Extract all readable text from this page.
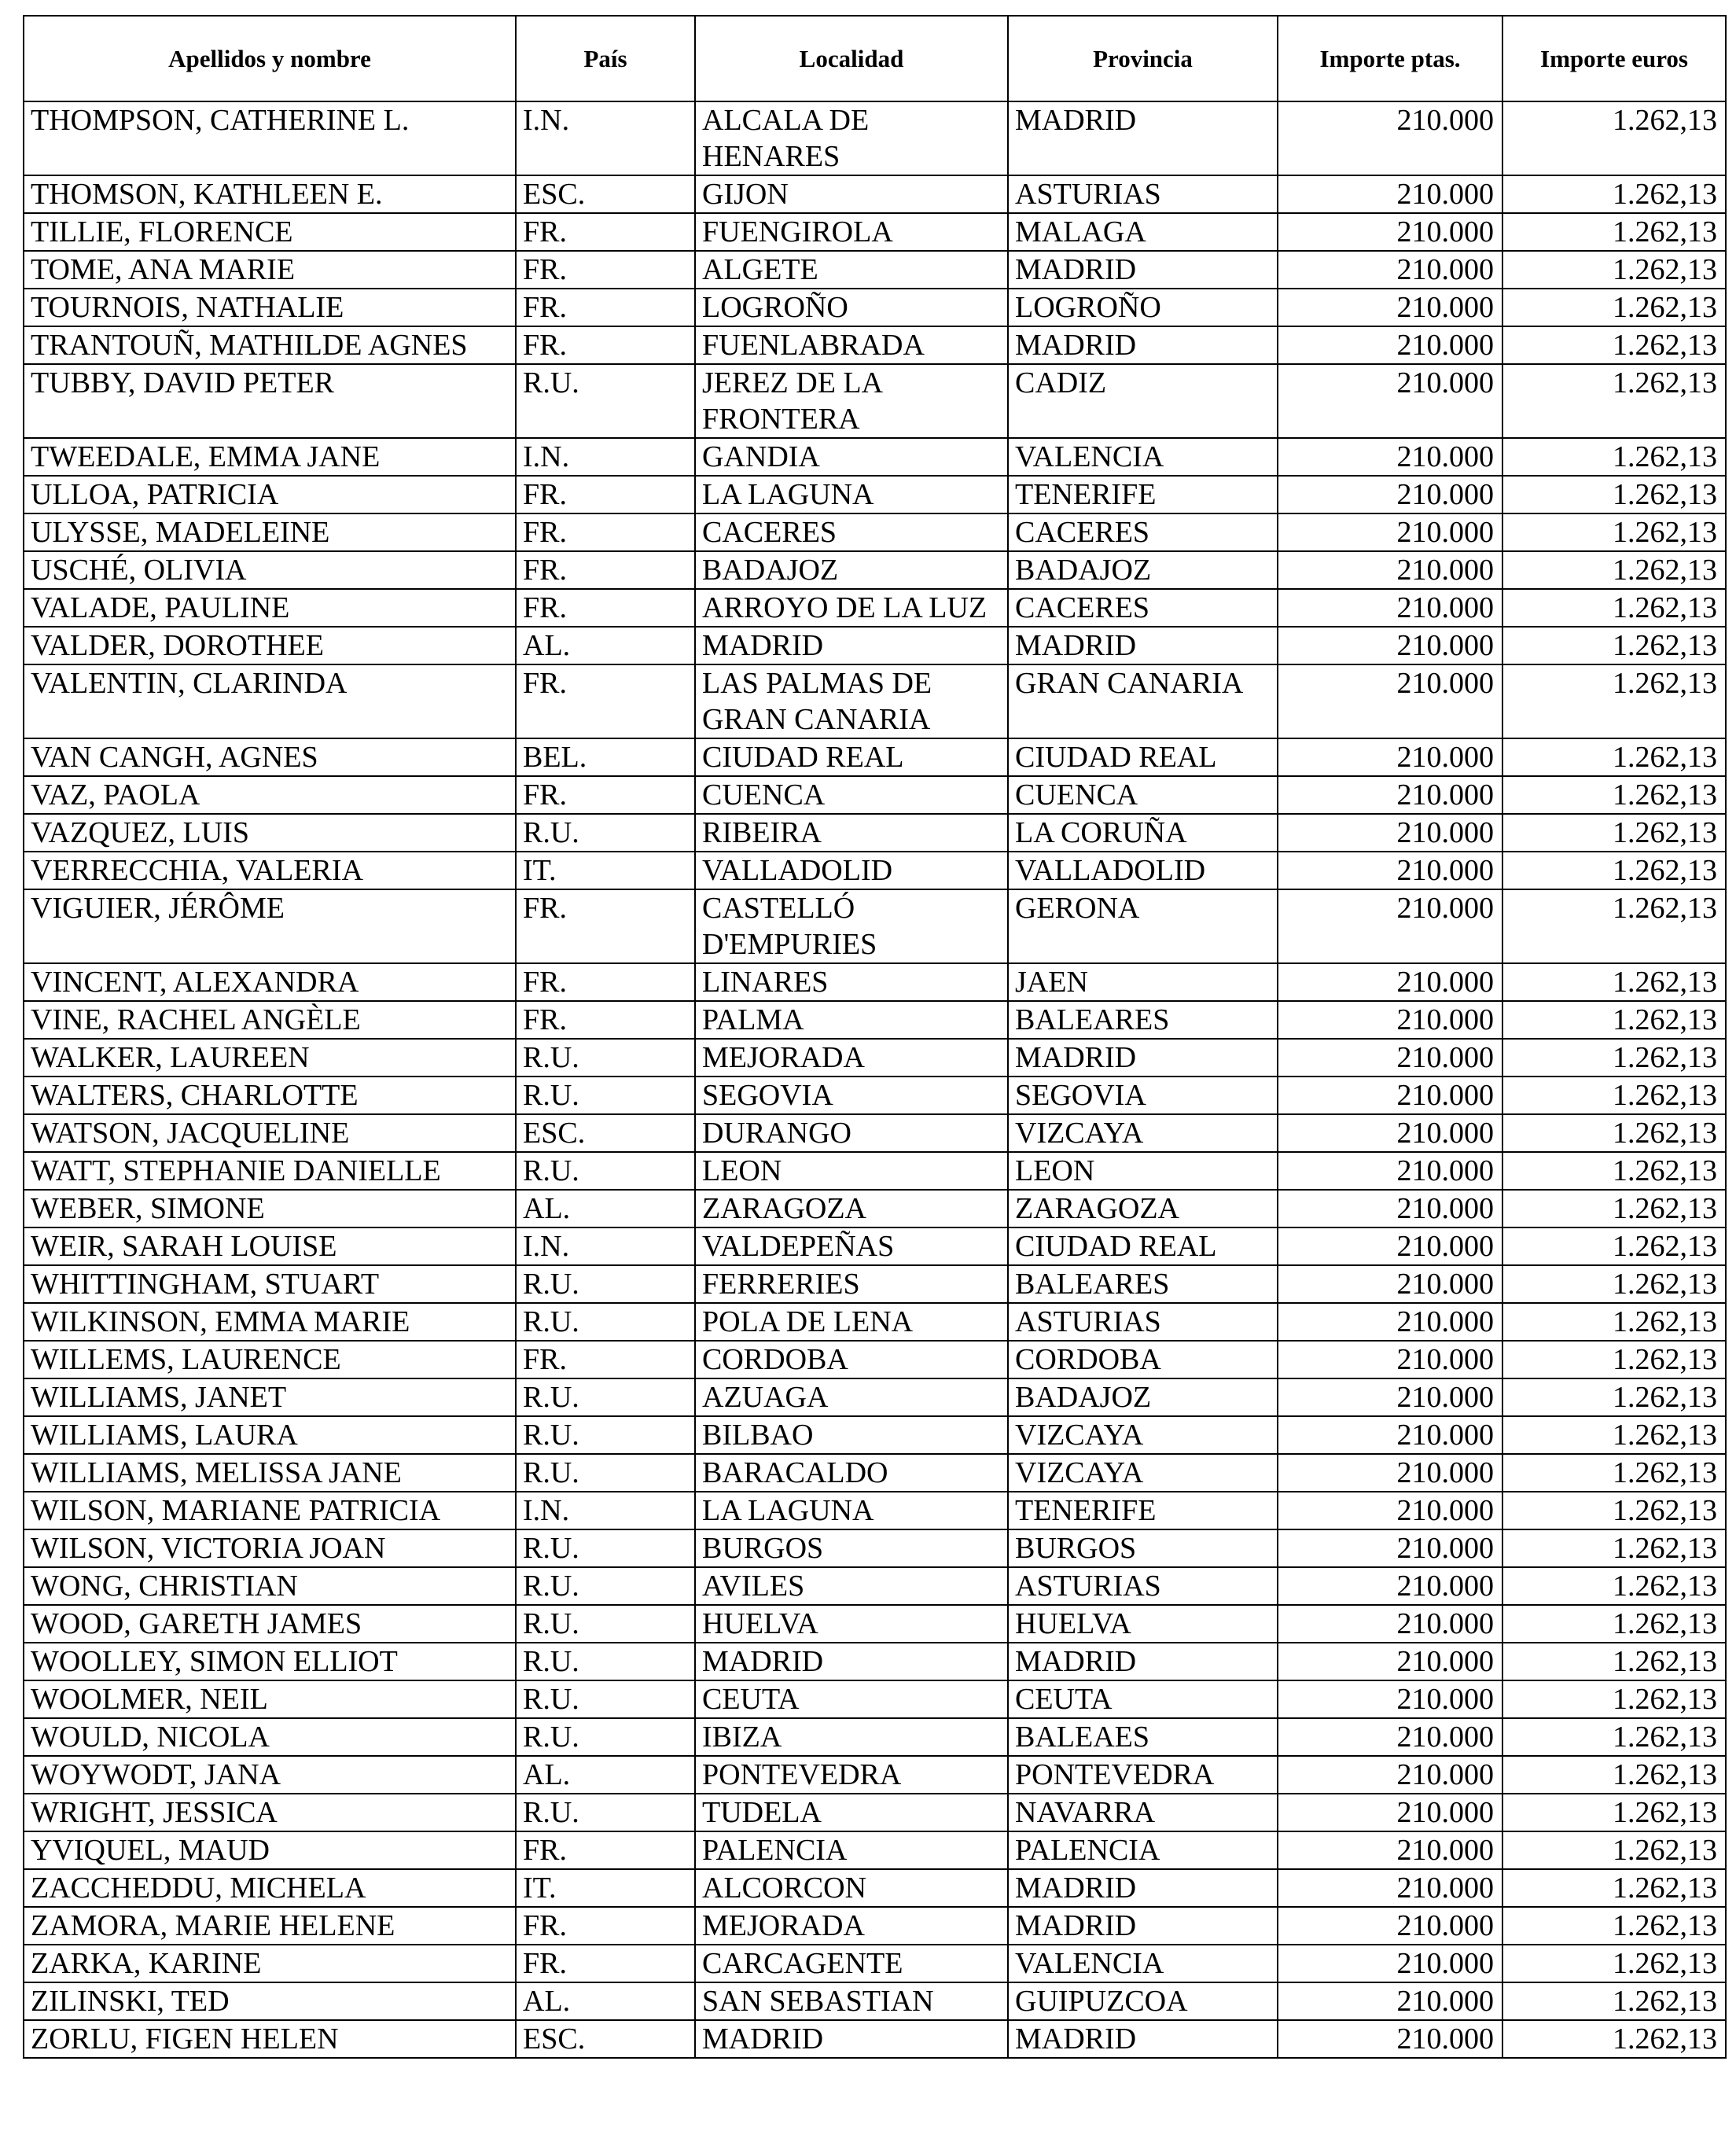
Apellidos y nombre	País	Localidad	Provincia	Importe ptas.	Importe euros
THOMPSON, CATHERINE L.	I.N.	ALCALA DE HENARES	MADRID	210.000	1.262,13
THOMSON, KATHLEEN E.	ESC.	GIJON	ASTURIAS	210.000	1.262,13
TILLIE, FLORENCE	FR.	FUENGIROLA	MALAGA	210.000	1.262,13
TOME, ANA MARIE	FR.	ALGETE	MADRID	210.000	1.262,13
TOURNOIS, NATHALIE	FR.	LOGROÑO	LOGROÑO	210.000	1.262,13
TRANTOUÑ, MATHILDE AGNES	FR.	FUENLABRADA	MADRID	210.000	1.262,13
TUBBY, DAVID PETER	R.U.	JEREZ DE LA FRONTERA	CADIZ	210.000	1.262,13
TWEEDALE, EMMA JANE	I.N.	GANDIA	VALENCIA	210.000	1.262,13
ULLOA, PATRICIA	FR.	LA LAGUNA	TENERIFE	210.000	1.262,13
ULYSSE, MADELEINE	FR.	CACERES	CACERES	210.000	1.262,13
USCHÉ, OLIVIA	FR.	BADAJOZ	BADAJOZ	210.000	1.262,13
VALADE, PAULINE	FR.	ARROYO DE LA LUZ	CACERES	210.000	1.262,13
VALDER, DOROTHEE	AL.	MADRID	MADRID	210.000	1.262,13
VALENTIN, CLARINDA	FR.	LAS PALMAS DE GRAN CANARIA	GRAN CANARIA	210.000	1.262,13
VAN CANGH, AGNES	BEL.	CIUDAD REAL	CIUDAD REAL	210.000	1.262,13
VAZ, PAOLA	FR.	CUENCA	CUENCA	210.000	1.262,13
VAZQUEZ, LUIS	R.U.	RIBEIRA	LA CORUÑA	210.000	1.262,13
VERRECCHIA, VALERIA	IT.	VALLADOLID	VALLADOLID	210.000	1.262,13
VIGUIER, JÉRÔME	FR.	CASTELLÓ D'EMPURIES	GERONA	210.000	1.262,13
VINCENT, ALEXANDRA	FR.	LINARES	JAEN	210.000	1.262,13
VINE, RACHEL ANGÈLE	FR.	PALMA	BALEARES	210.000	1.262,13
WALKER, LAUREEN	R.U.	MEJORADA	MADRID	210.000	1.262,13
WALTERS, CHARLOTTE	R.U.	SEGOVIA	SEGOVIA	210.000	1.262,13
WATSON, JACQUELINE	ESC.	DURANGO	VIZCAYA	210.000	1.262,13
WATT, STEPHANIE DANIELLE	R.U.	LEON	LEON	210.000	1.262,13
WEBER, SIMONE	AL.	ZARAGOZA	ZARAGOZA	210.000	1.262,13
WEIR, SARAH LOUISE	I.N.	VALDEPEÑAS	CIUDAD REAL	210.000	1.262,13
WHITTINGHAM, STUART	R.U.	FERRERIES	BALEARES	210.000	1.262,13
WILKINSON, EMMA MARIE	R.U.	POLA DE LENA	ASTURIAS	210.000	1.262,13
WILLEMS, LAURENCE	FR.	CORDOBA	CORDOBA	210.000	1.262,13
WILLIAMS, JANET	R.U.	AZUAGA	BADAJOZ	210.000	1.262,13
WILLIAMS, LAURA	R.U.	BILBAO	VIZCAYA	210.000	1.262,13
WILLIAMS, MELISSA JANE	R.U.	BARACALDO	VIZCAYA	210.000	1.262,13
WILSON, MARIANE PATRICIA	I.N.	LA LAGUNA	TENERIFE	210.000	1.262,13
WILSON, VICTORIA JOAN	R.U.	BURGOS	BURGOS	210.000	1.262,13
WONG, CHRISTIAN	R.U.	AVILES	ASTURIAS	210.000	1.262,13
WOOD, GARETH JAMES	R.U.	HUELVA	HUELVA	210.000	1.262,13
WOOLLEY, SIMON ELLIOT	R.U.	MADRID	MADRID	210.000	1.262,13
WOOLMER, NEIL	R.U.	CEUTA	CEUTA	210.000	1.262,13
WOULD, NICOLA	R.U.	IBIZA	BALEAES	210.000	1.262,13
WOYWODT, JANA	AL.	PONTEVEDRA	PONTEVEDRA	210.000	1.262,13
WRIGHT, JESSICA	R.U.	TUDELA	NAVARRA	210.000	1.262,13
YVIQUEL, MAUD	FR.	PALENCIA	PALENCIA	210.000	1.262,13
ZACCHEDDU, MICHELA	IT.	ALCORCON	MADRID	210.000	1.262,13
ZAMORA, MARIE HELENE	FR.	MEJORADA	MADRID	210.000	1.262,13
ZARKA, KARINE	FR.	CARCAGENTE	VALENCIA	210.000	1.262,13
ZILINSKI, TED	AL.	SAN SEBASTIAN	GUIPUZCOA	210.000	1.262,13
ZORLU, FIGEN HELEN	ESC.	MADRID	MADRID	210.000	1.262,13
